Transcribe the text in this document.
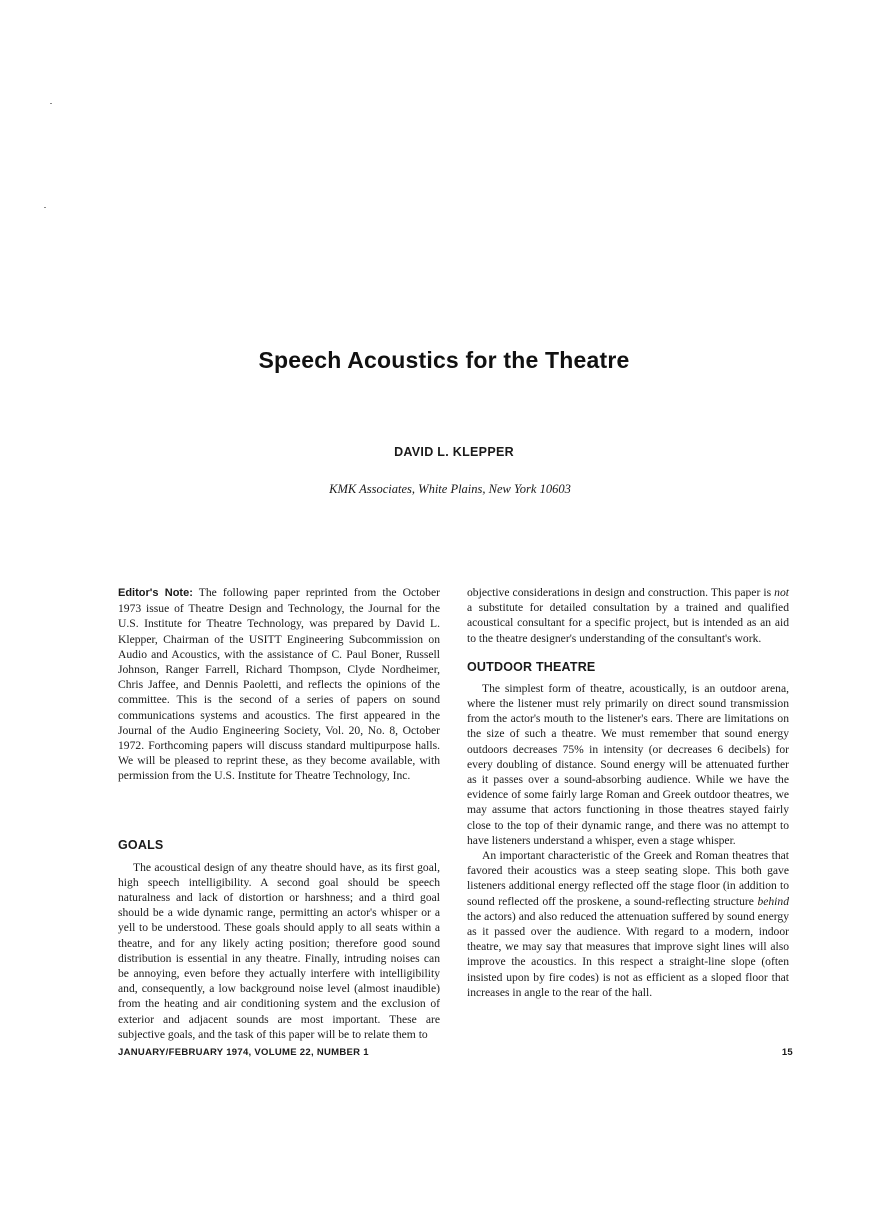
Speech Acoustics for the Theatre
DAVID L. KLEPPER
KMK Associates, White Plains, New York 10603

Editor's Note: The following paper reprinted from the October 1973 issue of Theatre Design and Technology, the Journal for the U.S. Institute for Theatre Technology, was prepared by David L. Klepper, Chairman of the USITT Engineering Subcommission on Audio and Acoustics, with the assistance of C. Paul Boner, Russell Johnson, Ranger Farrell, Richard Thompson, Clyde Nordheimer, Chris Jaffee, and Dennis Paoletti, and reflects the opinions of the committee. This is the second of a series of papers on sound communications systems and acoustics. The first appeared in the Journal of the Audio Engineering Society, Vol. 20, No. 8, October 1972. Forthcoming papers will discuss standard multipurpose halls. We will be pleased to reprint these, as they become available, with permission from the U.S. Institute for Theatre Technology, Inc.

GOALS

The acoustical design of any theatre should have, as its first goal, high speech intelligibility. A second goal should be speech naturalness and lack of distortion or harshness; and a third goal should be a wide dynamic range, permitting an actor's whisper or a yell to be understood. These goals should apply to all seats within a theatre, and for any likely acting position; therefore good sound distribution is essential in any theatre. Finally, intruding noises can be annoying, even before they actually interfere with intelligibility and, consequently, a low background noise level (almost inaudible) from the heating and air conditioning system and the exclusion of exterior and adjacent sounds are most important. These are subjective goals, and the task of this paper will be to relate them to

objective considerations in design and construction. This paper is not a substitute for detailed consultation by a trained and qualified acoustical consultant for a specific project, but is intended as an aid to the theatre designer's understanding of the consultant's work.

OUTDOOR THEATRE

The simplest form of theatre, acoustically, is an outdoor arena, where the listener must rely primarily on direct sound transmission from the actor's mouth to the listener's ears. There are limitations on the size of such a theatre. We must remember that sound energy outdoors decreases 75% in intensity (or decreases 6 decibels) for every doubling of distance. Sound energy will be attenuated further as it passes over a sound-absorbing audience. While we have the evidence of some fairly large Roman and Greek outdoor theatres, we may assume that actors functioning in those theatres stayed fairly close to the top of their dynamic range, and there was no attempt to have listeners understand a whisper, even a stage whisper.

An important characteristic of the Greek and Roman theatres that favored their acoustics was a steep seating slope. This both gave listeners additional energy reflected off the stage floor (in addition to sound reflected off the proskene, a sound-reflecting structure behind the actors) and also reduced the attenuation suffered by sound energy as it passed over the audience. With regard to a modern, indoor theatre, we may say that measures that improve sight lines will also improve the acoustics. In this respect a straight-line slope (often insisted upon by fire codes) is not as efficient as a sloped floor that increases in angle to the rear of the hall.

JANUARY/FEBRUARY 1974, VOLUME 22, NUMBER 1	15
